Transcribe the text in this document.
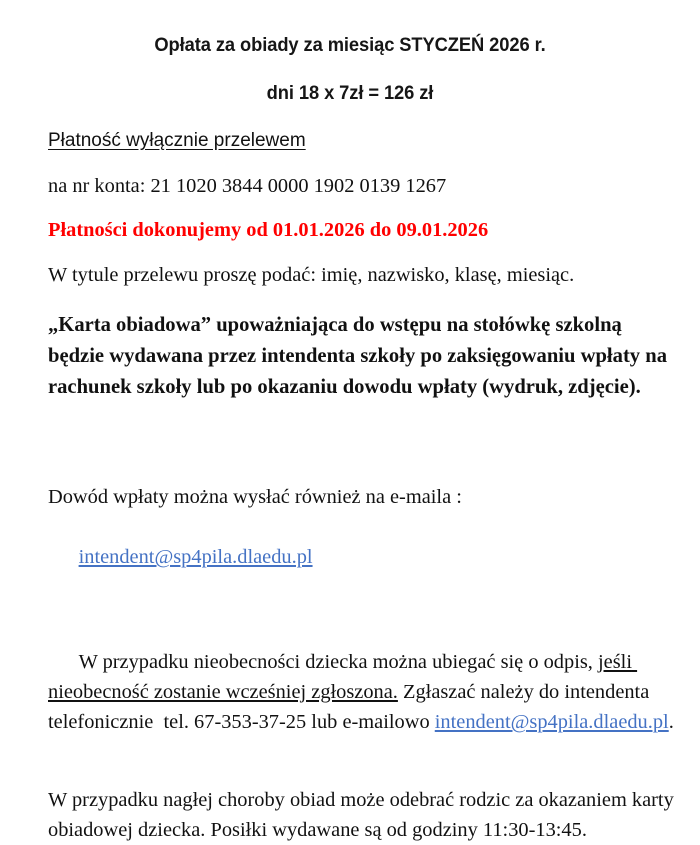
Opłata za obiady za miesiąc STYCZEŃ 2026 r.
dni 18 x 7zł = 126 zł
Płatność wyłącznie przelewem

na nr konta: 21 1020 3844 0000 1902 0139 1267

Płatności dokonujemy od 01.01.2026 do 09.01.2026

W tytule przelewu proszę podać: imię, nazwisko, klasę, miesiąc.

„Karta obiadowa” upoważniająca do wstępu na stołówkę szkolną będzie wydawana przez intendenta szkoły po zaksięgowaniu wpłaty na rachunek szkoły lub po okazaniu dowodu wpłaty (wydruk, zdjęcie).

Dowód wpłaty można wysłać również na e-maila :

intendent@sp4pila.dlaedu.pl

W przypadku nieobecności dziecka można ubiegać się o odpis, jeśli nieobecność zostanie wcześniej zgłoszona. Zgłaszać należy do intendenta telefonicznie  tel. 67-353-37-25 lub e-mailowo intendent@sp4pila.dlaedu.pl.

W przypadku nagłej choroby obiad może odebrać rodzic za okazaniem karty obiadowej dziecka. Posiłki wydawane są od godziny 11:30-13:45.
